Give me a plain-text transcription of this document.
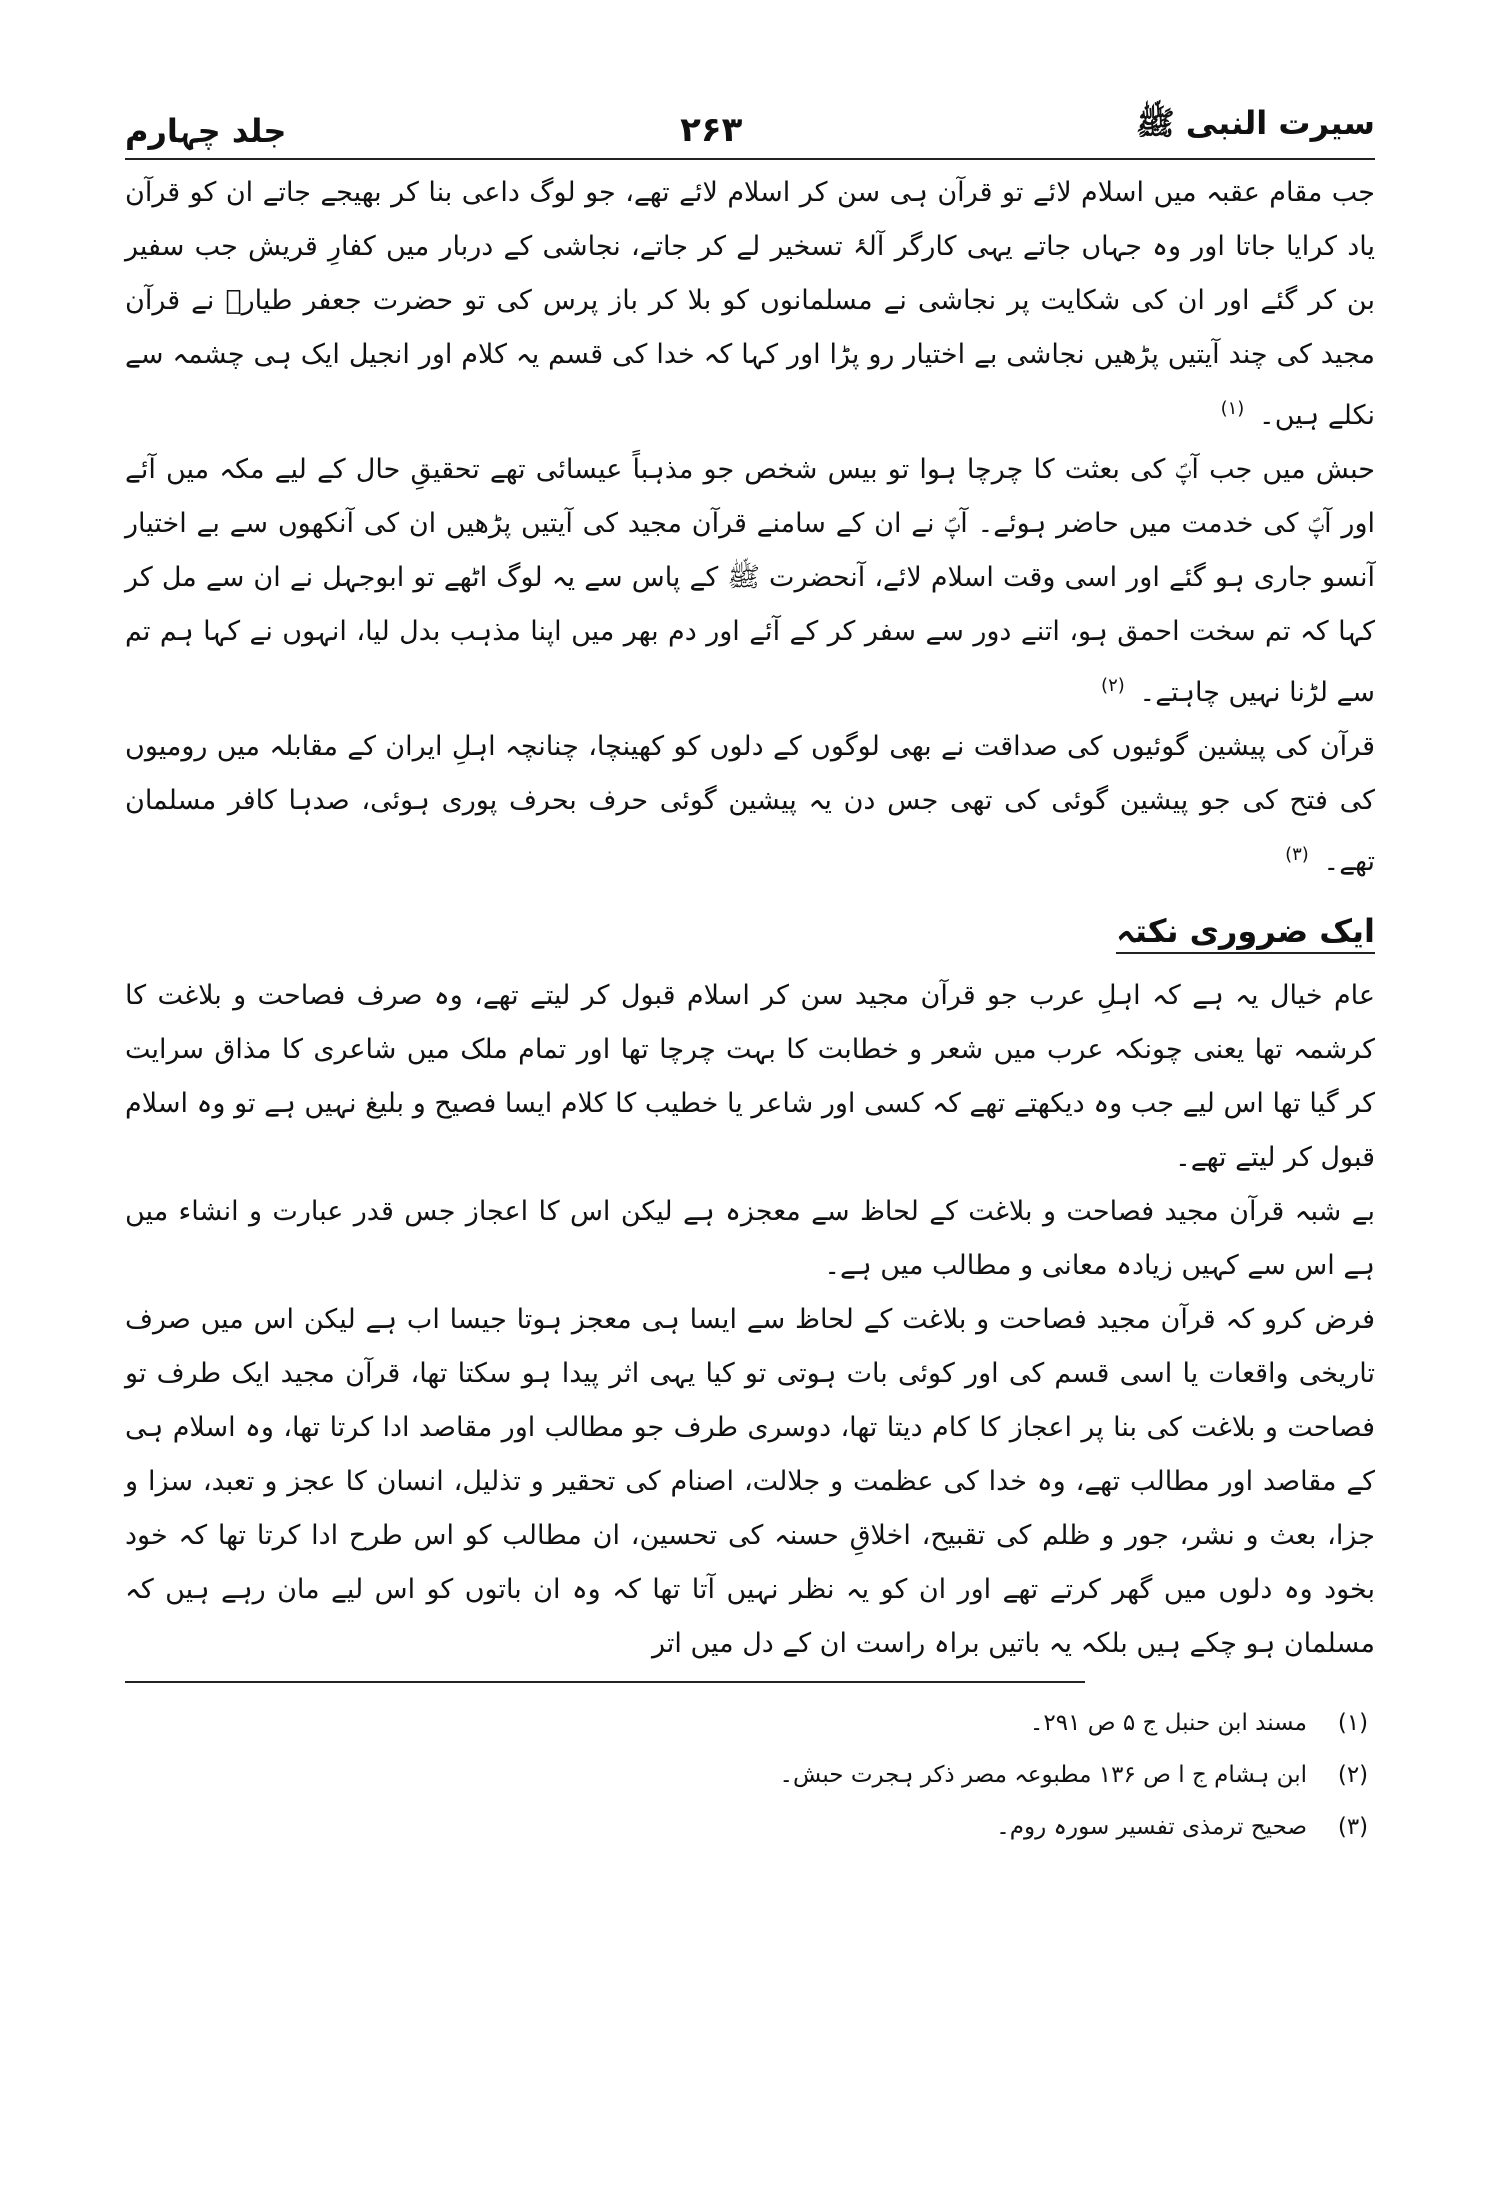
سیرت النبی ﷺ
۲۶۳
جلد چہارم

جب مقام عقبہ میں اسلام لائے تو قرآن ہی سن کر اسلام لائے تھے، جو لوگ داعی بنا کر بھیجے جاتے ان کو قرآن یاد کرایا جاتا اور وہ جہاں جاتے یہی کارگر آلۂ تسخیر لے کر جاتے، نجاشی کے دربار میں کفارِ قریش جب سفیر بن کر گئے اور ان کی شکایت پر نجاشی نے مسلمانوں کو بلا کر باز پرس کی تو حضرت جعفر طیارؓ نے قرآن مجید کی چند آیتیں پڑھیں نجاشی بے اختیار رو پڑا اور کہا کہ خدا کی قسم یہ کلام اور انجیل ایک ہی چشمہ سے نکلے ہیں۔ $^{(۱)}$

حبش میں جب آپؐ کی بعثت کا چرچا ہوا تو بیس شخص جو مذہباً عیسائی تھے تحقیقِ حال کے لیے مکہ میں آئے اور آپؐ کی خدمت میں حاضر ہوئے۔ آپؐ نے ان کے سامنے قرآن مجید کی آیتیں پڑھیں ان کی آنکھوں سے بے اختیار آنسو جاری ہو گئے اور اسی وقت اسلام لائے، آنحضرت ﷺ کے پاس سے یہ لوگ اٹھے تو ابوجہل نے ان سے مل کر کہا کہ تم سخت احمق ہو، اتنے دور سے سفر کر کے آئے اور دم بھر میں اپنا مذہب بدل لیا، انہوں نے کہا ہم تم سے لڑنا نہیں چاہتے۔ $^{(۲)}$

قرآن کی پیشین گوئیوں کی صداقت نے بھی لوگوں کے دلوں کو کھینچا، چنانچہ اہلِ ایران کے مقابلہ میں رومیوں کی فتح کی جو پیشین گوئی کی تھی جس دن یہ پیشین گوئی حرف بحرف پوری ہوئی، صدہا کافر مسلمان تھے۔ $^{(۳)}$

ایک ضروری نکتہ

عام خیال یہ ہے کہ اہلِ عرب جو قرآن مجید سن کر اسلام قبول کر لیتے تھے، وہ صرف فصاحت و بلاغت کا کرشمہ تھا یعنی چونکہ عرب میں شعر و خطابت کا بہت چرچا تھا اور تمام ملک میں شاعری کا مذاق سرایت کر گیا تھا اس لیے جب وہ دیکھتے تھے کہ کسی اور شاعر یا خطیب کا کلام ایسا فصیح و بلیغ نہیں ہے تو وہ اسلام قبول کر لیتے تھے۔

بے شبہ قرآن مجید فصاحت و بلاغت کے لحاظ سے معجزہ ہے لیکن اس کا اعجاز جس قدر عبارت و انشاء میں ہے اس سے کہیں زیادہ معانی و مطالب میں ہے۔

فرض کرو کہ قرآن مجید فصاحت و بلاغت کے لحاظ سے ایسا ہی معجز ہوتا جیسا اب ہے لیکن اس میں صرف تاریخی واقعات یا اسی قسم کی اور کوئی بات ہوتی تو کیا یہی اثر پیدا ہو سکتا تھا، قرآن مجید ایک طرف تو فصاحت و بلاغت کی بنا پر اعجاز کا کام دیتا تھا، دوسری طرف جو مطالب اور مقاصد ادا کرتا تھا، وہ اسلام ہی کے مقاصد اور مطالب تھے، وہ خدا کی عظمت و جلالت، اصنام کی تحقیر و تذلیل، انسان کا عجز و تعبد، سزا و جزا، بعث و نشر، جور و ظلم کی تقبیح، اخلاقِ حسنہ کی تحسین، ان مطالب کو اس طرح ادا کرتا تھا کہ خود بخود وہ دلوں میں گھر کرتے تھے اور ان کو یہ نظر نہیں آتا تھا کہ وہ ان باتوں کو اس لیے مان رہے ہیں کہ مسلمان ہو چکے ہیں بلکہ یہ باتیں براہ راست ان کے دل میں اتر

(۱)
مسند ابن حنبل ج ۵ ص ۲۹۱۔
(۲)
ابن ہشام ج ا ص ۱۳۶ مطبوعہ مصر ذکر ہجرت حبش۔
(۳)
صحیح ترمذی تفسیر سورہ روم۔
